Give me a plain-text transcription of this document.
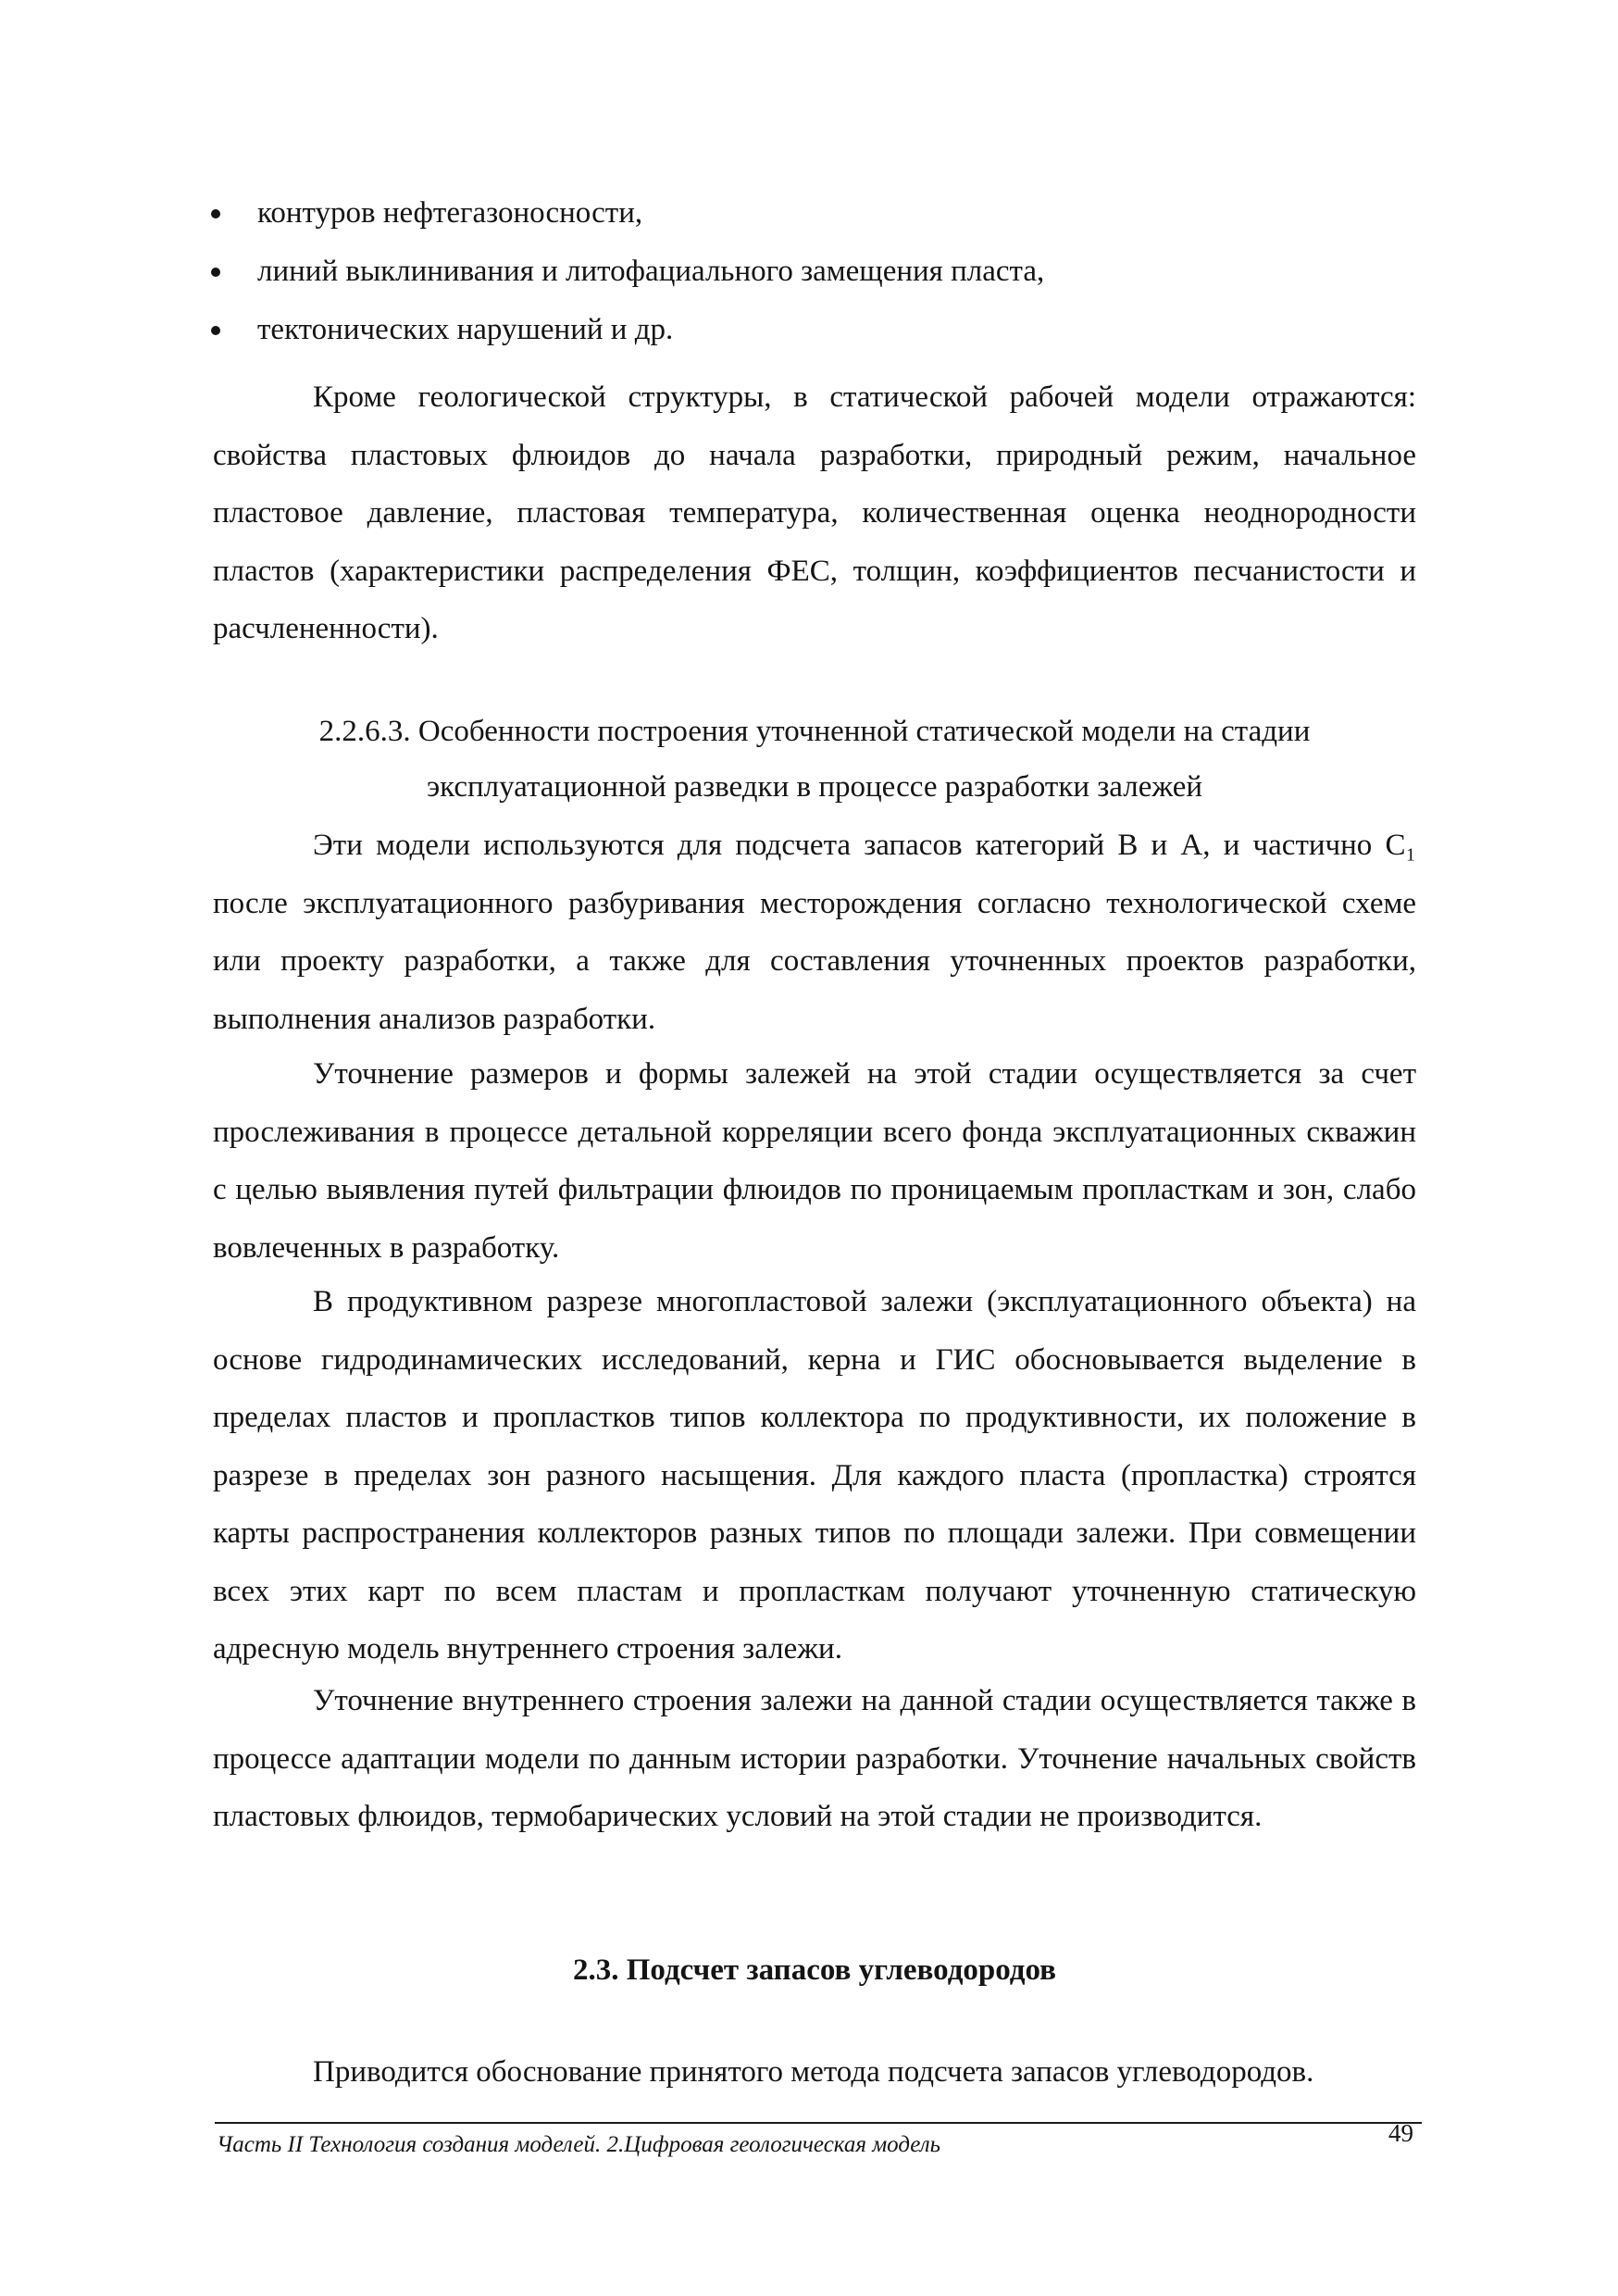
контуров нефтегазоносности,
линий выклинивания и литофациального замещения пласта,
тектонических нарушений и др.

Кроме геологической структуры, в статической рабочей модели отражаются: свойства пластовых флюидов до начала разработки, природный режим, начальное пластовое давление, пластовая температура, количественная оценка неоднородности пластов (характеристики распределения ФЕС, толщин, коэффициентов песчанистости и расчлененности).

2.2.6.3. Особенности построения уточненной статической модели на стадии эксплуатационной разведки в процессе разработки залежей

Эти модели используются для подсчета запасов категорий В и А, и частично C₁ после эксплуатационного разбуривания месторождения согласно технологической схеме или проекту разработки, а также для составления уточненных проектов разработки, выполнения анализов разработки.

Уточнение размеров и формы залежей на этой стадии осуществляется за счет прослеживания в процессе детальной корреляции всего фонда эксплуатационных скважин с целью выявления путей фильтрации флюидов по проницаемым пропласткам и зон, слабо вовлеченных в разработку.

В продуктивном разрезе многопластовой залежи (эксплуатационного объекта) на основе гидродинамических исследований, керна и ГИС обосновывается выделение в пределах пластов и пропластков типов коллектора по продуктивности, их положение в разрезе в пределах зон разного насыщения. Для каждого пласта (пропластка) строятся карты распространения коллекторов разных типов по площади залежи. При совмещении всех этих карт по всем пластам и пропласткам получают уточненную статическую адресную модель внутреннего строения залежи.

Уточнение внутреннего строения залежи на данной стадии осуществляется также в процессе адаптации модели по данным истории разработки. Уточнение начальных свойств пластовых флюидов, термобарических условий на этой стадии не производится.

2.3. Подсчет запасов углеводородов

Приводится обоснование принятого метода подсчета запасов углеводородов.

Часть II Технология создания моделей. 2.Цифровая геологическая модель	49
